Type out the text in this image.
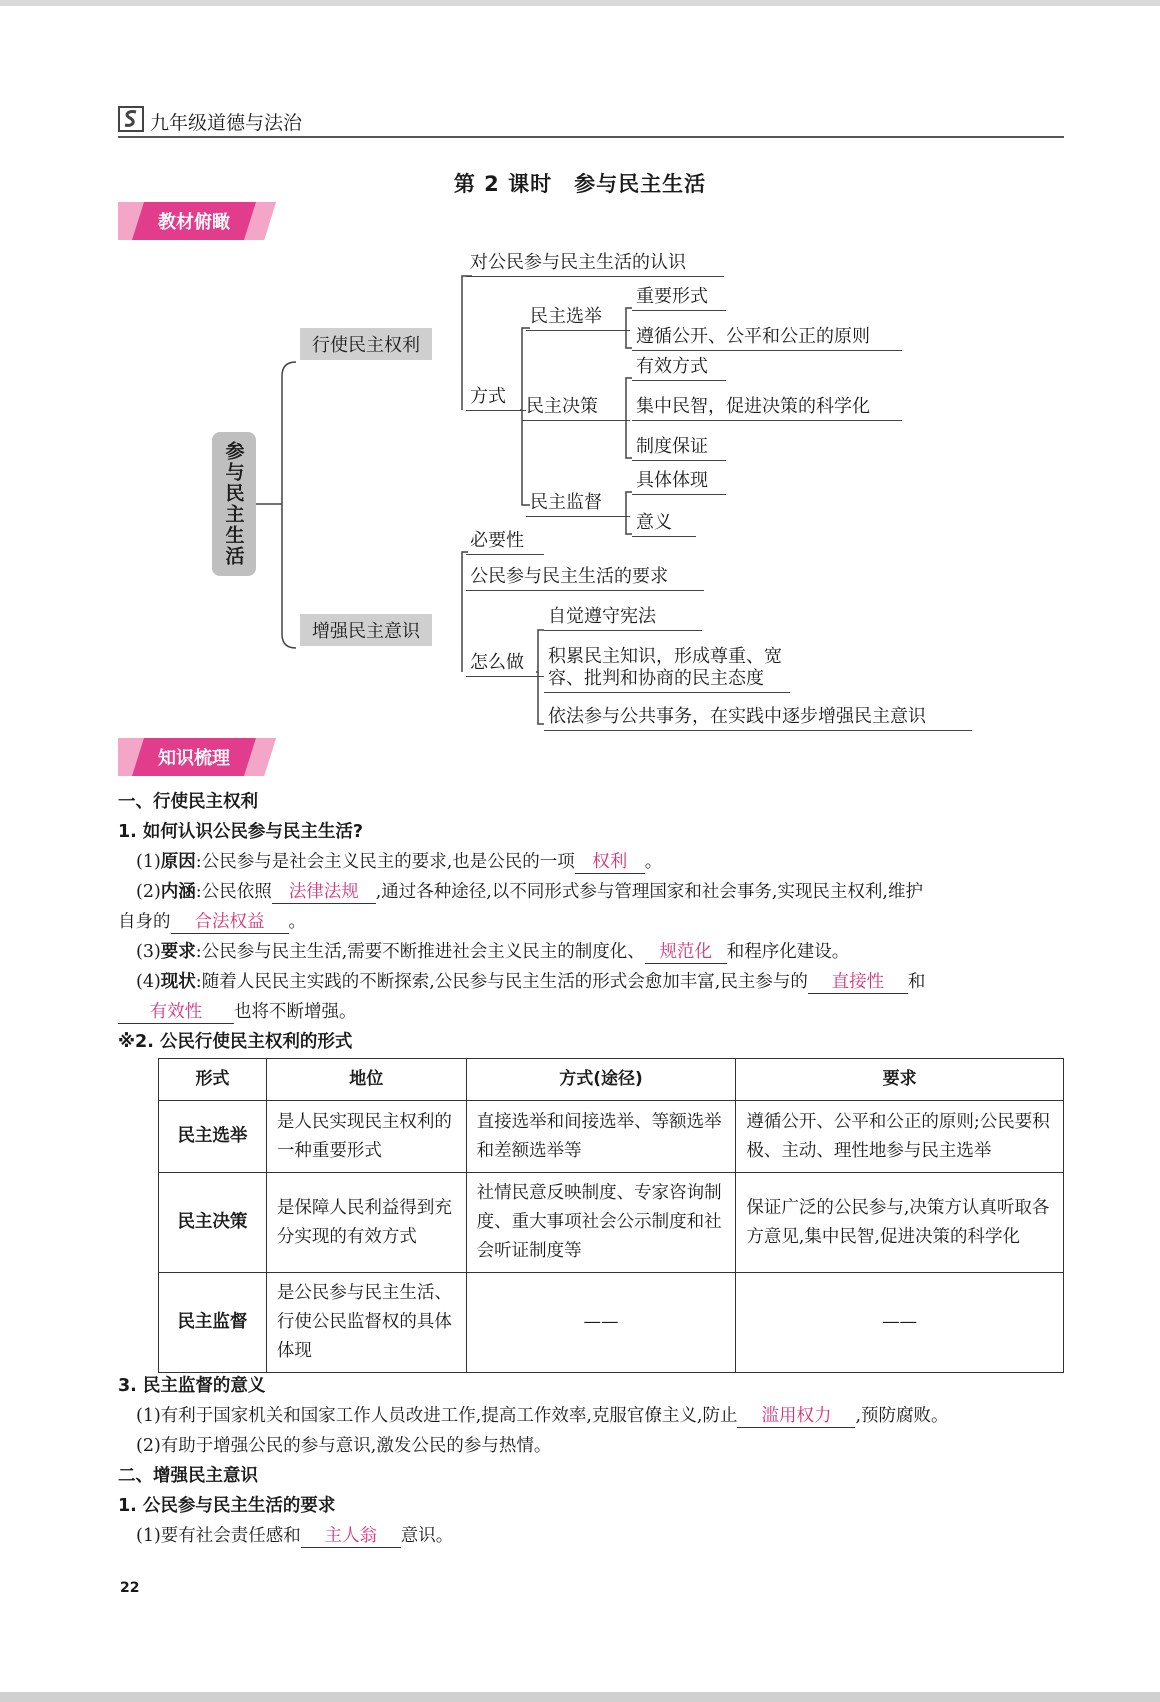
九年级道德与法治
第 2 课时　参与民主生活
教材俯瞰
参与民主生活
行使民主权利
对公民参与民主生活的认识
方式
民主选举
重要形式
遵循公开、公平和公正的原则
民主决策
有效方式
集中民智，促进决策的科学化
制度保证
民主监督
具体体现
意义
增强民主意识
必要性
公民参与民主生活的要求
怎么做
自觉遵守宪法
积累民主知识，形成尊重、宽
容、批判和协商的民主态度
依法参与公共事务，在实践中逐步增强民主意识
知识梳理
一、行使民主权利
1. 如何认识公民参与民主生活?
(1)原因:公民参与是社会主义民主的要求,也是公民的一项 权利 。
(2)内涵:公民依照 法律法规 ,通过各种途径,以不同形式参与管理国家和社会事务,实现民主权利,维护
自身的 合法权益 。
(3)要求:公民参与民主生活,需要不断推进社会主义民主的制度化、 规范化 和程序化建设。
(4)现状:随着人民民主实践的不断探索,公民参与民主生活的形式会愈加丰富,民主参与的 直接性 和
有效性 也将不断增强。
※2. 公民行使民主权利的形式
形式	地位	方式(途径)	要求
民主选举	是人民实现民主权利的一种重要形式	直接选举和间接选举、等额选举和差额选举等	遵循公开、公平和公正的原则;公民要积极、主动、理性地参与民主选举
民主决策	是保障人民利益得到充分实现的有效方式	社情民意反映制度、专家咨询制度、重大事项社会公示制度和社会听证制度等	保证广泛的公民参与,决策方认真听取各方意见,集中民智,促进决策的科学化
民主监督	是公民参与民主生活、行使公民监督权的具体体现	——	——
3. 民主监督的意义
(1)有利于国家机关和国家工作人员改进工作,提高工作效率,克服官僚主义,防止 滥用权力 ,预防腐败。
(2)有助于增强公民的参与意识,激发公民的参与热情。
二、增强民主意识
1. 公民参与民主生活的要求
(1)要有社会责任感和 主人翁 意识。
22
